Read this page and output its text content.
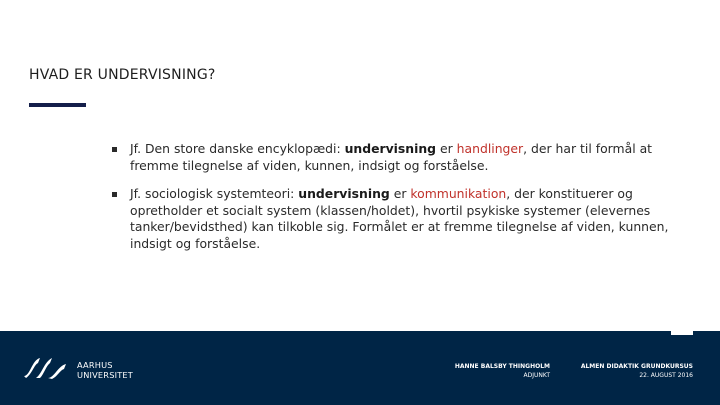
HVAD ER UNDERVISNING?
Jf. Den store danske encyklopædi: undervisning er handlinger, der har til formål at fremme tilegnelse af viden, kunnen, indsigt og forståelse.
Jf. sociologisk systemteori: undervisning er kommunikation, der konstituerer og opretholder et socialt system (klassen/holdet), hvortil psykiske systemer (elevernes tanker/bevidsthed) kan tilkoble sig. Formålet er at fremme tilegnelse af viden, kunnen, indsigt og forståelse.
AARHUS
UNIVERSITET
HANNE BALSBY THINGHOLM
ADJUNKT
ALMEN DIDAKTIK GRUNDKURSUS
22. AUGUST 2016
